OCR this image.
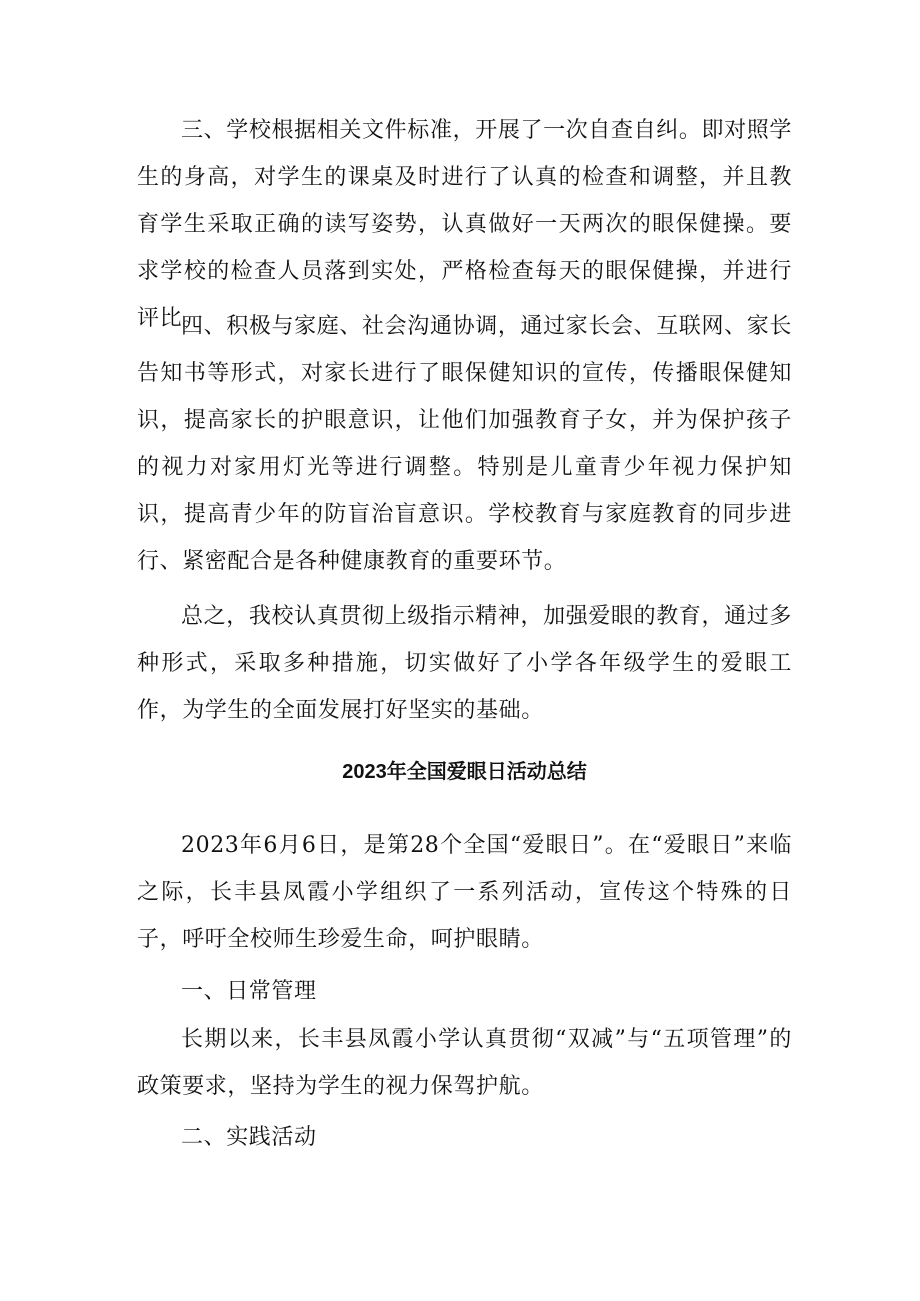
三、学校根据相关文件标准，开展了一次自查自纠。即对照学生的身高，对学生的课桌及时进行了认真的检查和调整，并且教育学生采取正确的读写姿势，认真做好一天两次的眼保健操。要求学校的检查人员落到实处，严格检查每天的眼保健操，并进行评比。

四、积极与家庭、社会沟通协调，通过家长会、互联网、家长告知书等形式，对家长进行了眼保健知识的宣传，传播眼保健知识，提高家长的护眼意识，让他们加强教育子女，并为保护孩子的视力对家用灯光等进行调整。特别是儿童青少年视力保护知识，提高青少年的防盲治盲意识。学校教育与家庭教育的同步进行、紧密配合是各种健康教育的重要环节。

总之，我校认真贯彻上级指示精神，加强爱眼的教育，通过多种形式，采取多种措施，切实做好了小学各年级学生的爱眼工作，为学生的全面发展打好坚实的基础。

2023年全国爱眼日活动总结

2023年6月6日，是第28个全国“爱眼日”。在“爱眼日”来临之际，长丰县凤霞小学组织了一系列活动，宣传这个特殊的日子，呼吁全校师生珍爱生命，呵护眼睛。

一、日常管理

长期以来，长丰县凤霞小学认真贯彻“双减”与“五项管理”的政策要求，坚持为学生的视力保驾护航。

二、实践活动
